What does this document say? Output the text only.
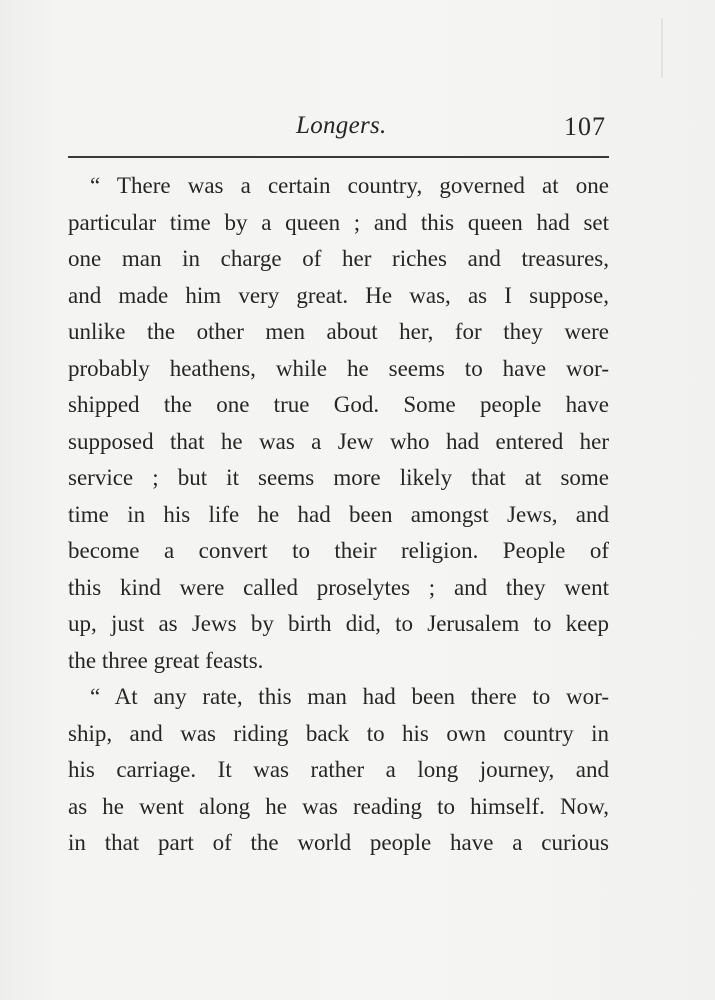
Longers.	107
“ There was a certain country, governed at one
particular time by a queen ; and this queen had set
one man in charge of her riches and treasures,
and made him very great. He was, as I suppose,
unlike the other men about her, for they were
probably heathens, while he seems to have wor-
shipped the one true God. Some people have
supposed that he was a Jew who had entered her
service ; but it seems more likely that at some
time in his life he had been amongst Jews, and
become a convert to their religion. People of
this kind were called proselytes ; and they went
up, just as Jews by birth did, to Jerusalem to keep
the three great feasts.
“ At any rate, this man had been there to wor-
ship, and was riding back to his own country in
his carriage. It was rather a long journey, and
as he went along he was reading to himself. Now,
in that part of the world people have a curious
